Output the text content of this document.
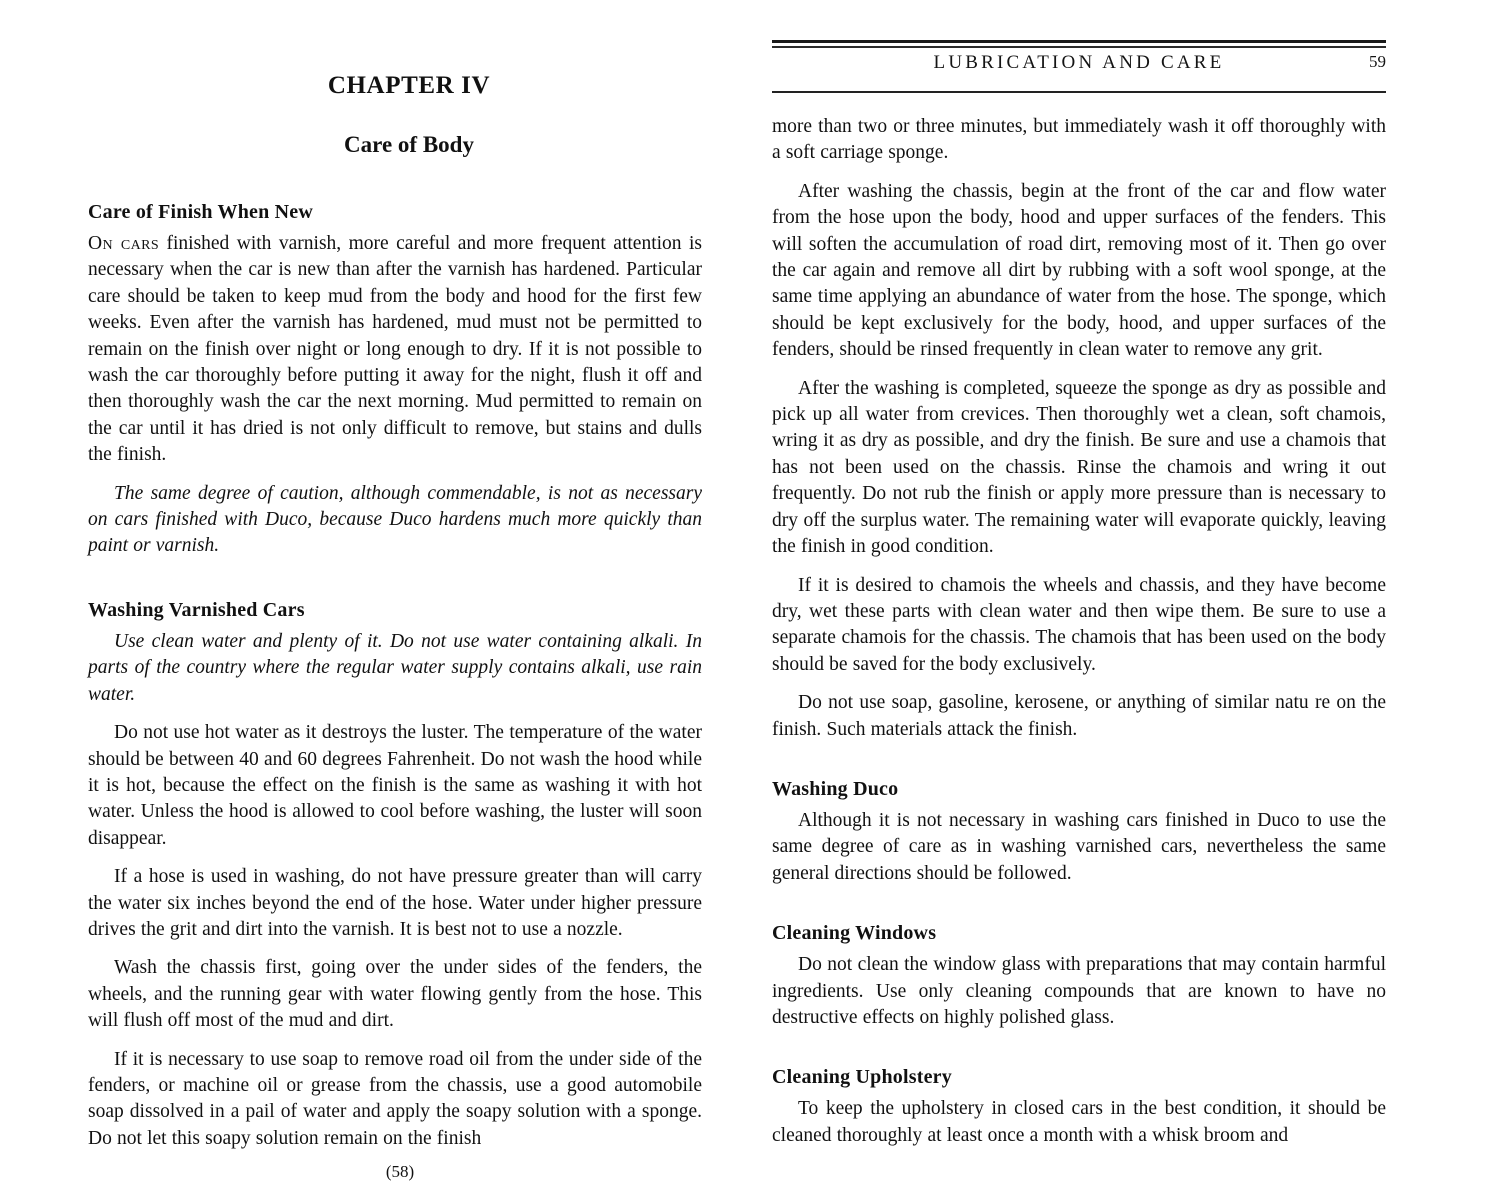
CHAPTER IV
Care of Body
Care of Finish When New

On cars finished with varnish, more careful and more frequent attention is necessary when the car is new than after the varnish has hardened. Particular care should be taken to keep mud from the body and hood for the first few weeks. Even after the varnish has hardened, mud must not be permitted to remain on the finish over night or long enough to dry. If it is not possible to wash the car thoroughly before putting it away for the night, flush it off and then thoroughly wash the car the next morning. Mud permitted to remain on the car until it has dried is not only difficult to remove, but stains and dulls the finish.

The same degree of caution, although commendable, is not as necessary on cars finished with Duco, because Duco hardens much more quickly than paint or varnish.

Washing Varnished Cars

Use clean water and plenty of it. Do not use water containing alkali. In parts of the country where the regular water supply contains alkali, use rain water.

Do not use hot water as it destroys the luster. The temperature of the water should be between 40 and 60 degrees Fahrenheit. Do not wash the hood while it is hot, because the effect on the finish is the same as washing it with hot water. Unless the hood is allowed to cool before washing, the luster will soon disappear.

If a hose is used in washing, do not have pressure greater than will carry the water six inches beyond the end of the hose. Water under higher pressure drives the grit and dirt into the varnish. It is best not to use a nozzle.

Wash the chassis first, going over the under sides of the fenders, the wheels, and the running gear with water flowing gently from the hose. This will flush off most of the mud and dirt.

If it is necessary to use soap to remove road oil from the under side of the fenders, or machine oil or grease from the chassis, use a good automobile soap dissolved in a pail of water and apply the soapy solution with a sponge. Do not let this soapy solution remain on the finish

(58)
LUBRICATION AND CARE	59

more than two or three minutes, but immediately wash it off thoroughly with a soft carriage sponge.

After washing the chassis, begin at the front of the car and flow water from the hose upon the body, hood and upper surfaces of the fenders. This will soften the accumulation of road dirt, removing most of it. Then go over the car again and remove all dirt by rubbing with a soft wool sponge, at the same time applying an abundance of water from the hose. The sponge, which should be kept exclusively for the body, hood, and upper surfaces of the fenders, should be rinsed frequently in clean water to remove any grit.

After the washing is completed, squeeze the sponge as dry as possible and pick up all water from crevices. Then thoroughly wet a clean, soft chamois, wring it as dry as possible, and dry the finish. Be sure and use a chamois that has not been used on the chassis. Rinse the chamois and wring it out frequently. Do not rub the finish or apply more pressure than is necessary to dry off the surplus water. The remaining water will evaporate quickly, leaving the finish in good condition.

If it is desired to chamois the wheels and chassis, and they have become dry, wet these parts with clean water and then wipe them. Be sure to use a separate chamois for the chassis. The chamois that has been used on the body should be saved for the body exclusively.

Do not use soap, gasoline, kerosene, or anything of similar natu re on the finish. Such materials attack the finish.

Washing Duco

Although it is not necessary in washing cars finished in Duco to use the same degree of care as in washing varnished cars, nevertheless the same general directions should be followed.

Cleaning Windows

Do not clean the window glass with preparations that may contain harmful ingredients. Use only cleaning compounds that are known to have no destructive effects on highly polished glass.

Cleaning Upholstery

To keep the upholstery in closed cars in the best condition, it should be cleaned thoroughly at least once a month with a whisk broom and
